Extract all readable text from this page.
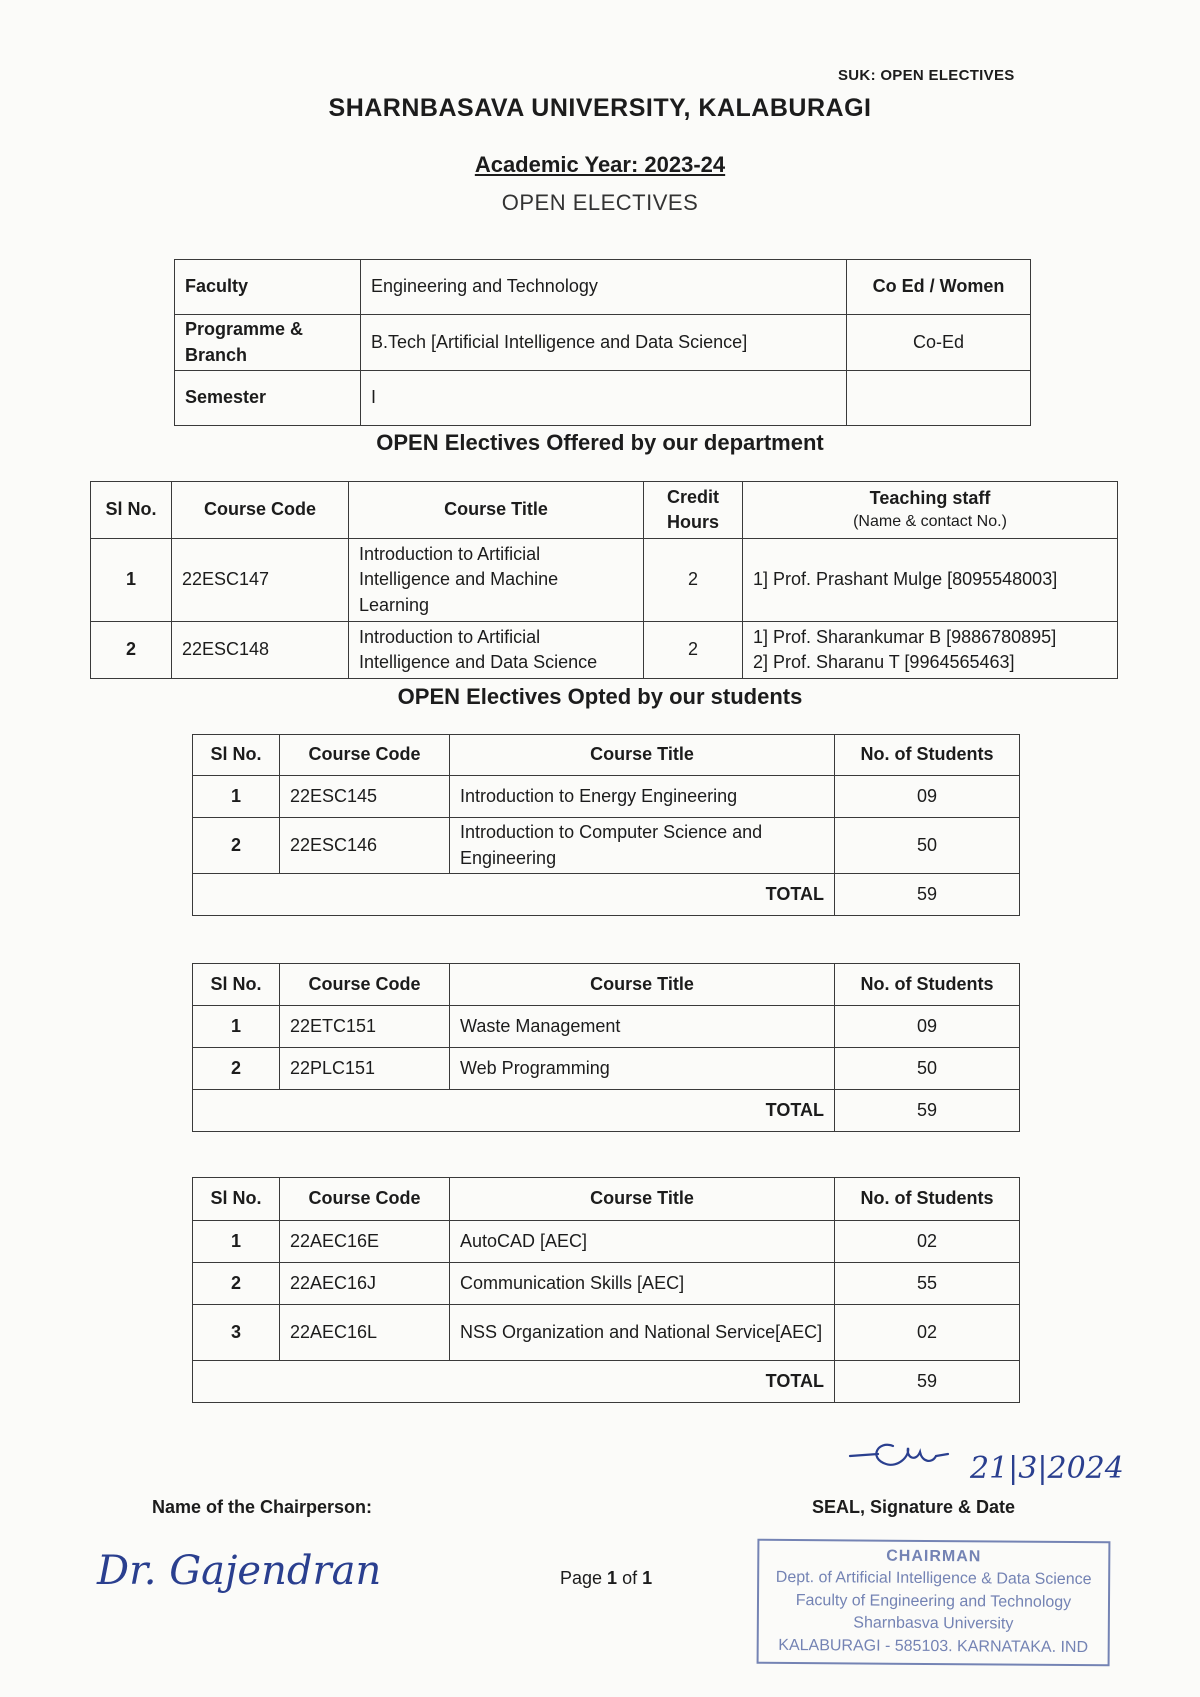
SUK: OPEN ELECTIVES
SHARNBASAVA UNIVERSITY, KALABURAGI
Academic Year: 2023-24
OPEN ELECTIVES
Faculty	Engineering and Technology	Co Ed / Women
Programme & Branch	B.Tech [Artificial Intelligence and Data Science]	Co-Ed
Semester	I	
OPEN Electives Offered by our department
Sl No.	Course Code	Course Title	Credit Hours	Teaching staff
(Name & contact No.)

1	22ESC147	Introduction to Artificial Intelligence and Machine Learning	2	1] Prof. Prashant Mulge [8095548003]
2	22ESC148	Introduction to Artificial Intelligence and Data Science	2	1] Prof. Sharankumar B [9886780895]
2] Prof. Sharanu T [9964565463]
OPEN Electives Opted by our students
Sl No.	Course Code	Course Title	No. of Students
1	22ESC145	Introduction to Energy Engineering	09
2	22ESC146	Introduction to Computer Science and Engineering	50
TOTAL			59
Sl No.	Course Code	Course Title	No. of Students
1	22ETC151	Waste Management	09
2	22PLC151	Web Programming	50
TOTAL			59
Sl No.	Course Code	Course Title	No. of Students
1	22AEC16E	AutoCAD [AEC]	02
2	22AEC16J	Communication Skills [AEC]	55
3	22AEC16L	NSS Organization and National Service[AEC]	02
TOTAL			59
21|3|2024
Dr. Gajendran
Name of the Chairperson:	SEAL, Signature & Date
Page 1 of 1
CHAIRMAN
Dept. of Artificial Intelligence & Data Science
Faculty of Engineering and Technology
Sharnbasva University
KALABURAGI - 585103. KARNATAKA. IND
